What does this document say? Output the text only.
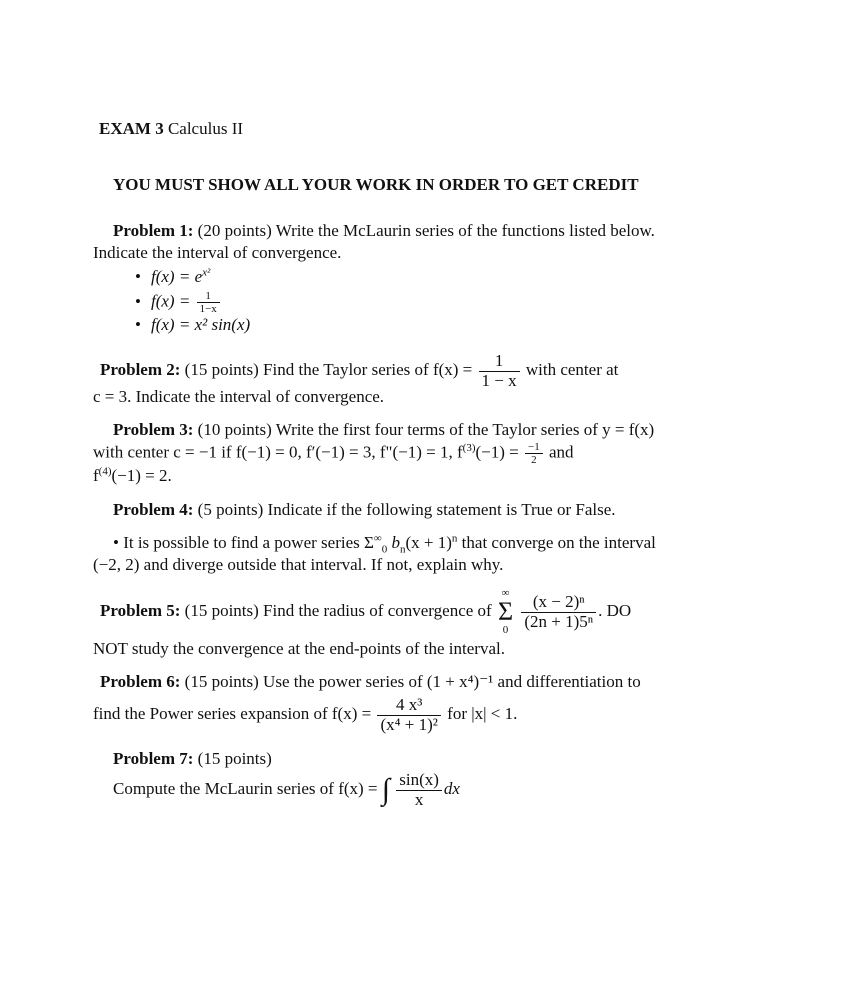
EXAM 3 Calculus II
YOU MUST SHOW ALL YOUR WORK IN ORDER TO GET CREDIT
Problem 1: (20 points) Write the McLaurin series of the functions listed below.
Indicate the interval of convergence.
• $f(x) = e^{x^2}$
• $f(x) = \frac{1}{1-x}$
• f(x) = x² sin(x)
Problem 2: (15 points) Find the Taylor series of $f(x) = \frac{1}{1 - x}$ with center at
c = 3. Indicate the interval of convergence.
Problem 3: (10 points) Write the first four terms of the Taylor series of y = f(x)
with center c = −1 if f(−1) = 0, f′(−1) = 3, f"(−1) = 1, $f^{(3)}(-1) = \frac{-1}{2}$ and
$f^{(4)}(-1) = 2$.
Problem 4: (5 points) Indicate if the following statement is True or False.
• It is possible to find a power series $\Sigma^\infty_0$ $b_n(x + 1)^n$ that converge on the interval
(−2, 2) and diverge outside that interval. If not, explain why.
Problem 5: (15 points) Find the radius of convergence of
∞
Σ
0
$\frac{\text{(x − 2)ⁿ}}{\text{(2n + 1)5ⁿ}}$ . DO
NOT study the convergence at the end-points of the interval.
Problem 6: (15 points) Use the power series of (1 + x⁴)⁻¹ and differentiation to
find the Power series expansion of $f(x) = \frac{\text{4 x³}}{\text{(x⁴ + 1)²}}$ for |x| < 1.
Problem 7: (15 points)
Compute the McLaurin series of f(x) = ∫ $\frac{\sin(x)}{x}$ dx
